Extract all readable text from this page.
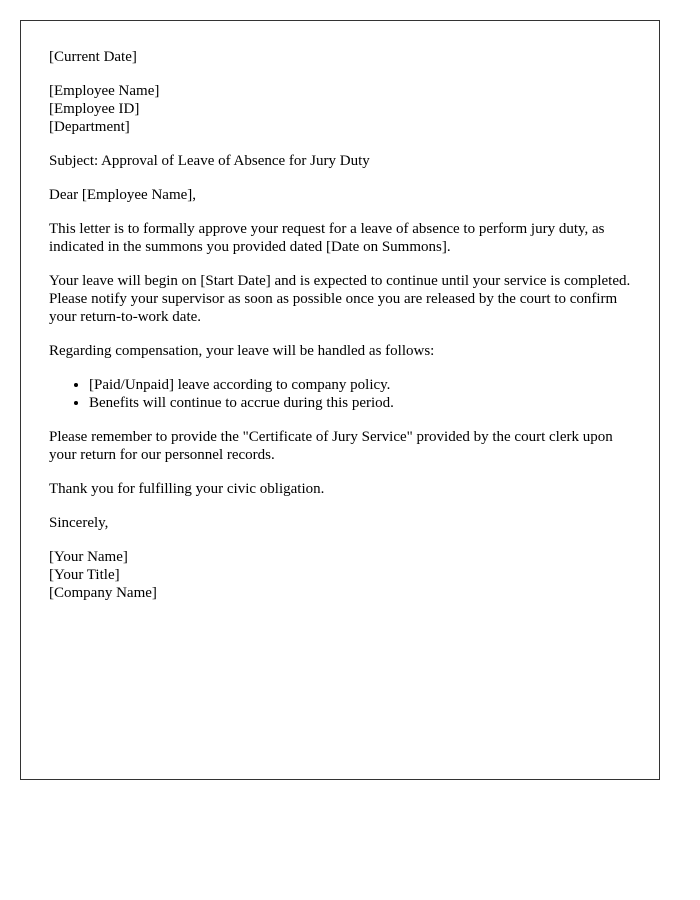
[Current Date]
[Employee Name]
[Employee ID]
[Department]

Subject: Approval of Leave of Absence for Jury Duty

Dear [Employee Name],

This letter is to formally approve your request for a leave of absence to perform jury duty, as indicated in the summons you provided dated [Date on Summons].

Your leave will begin on [Start Date] and is expected to continue until your service is completed. Please notify your supervisor as soon as possible once you are released by the court to confirm your return-to-work date.

Regarding compensation, your leave will be handled as follows:

• [Paid/Unpaid] leave according to company policy.
• Benefits will continue to accrue during this period.

Please remember to provide the "Certificate of Jury Service" provided by the court clerk upon your return for our personnel records.

Thank you for fulfilling your civic obligation.

Sincerely,

[Your Name]
[Your Title]
[Company Name]
